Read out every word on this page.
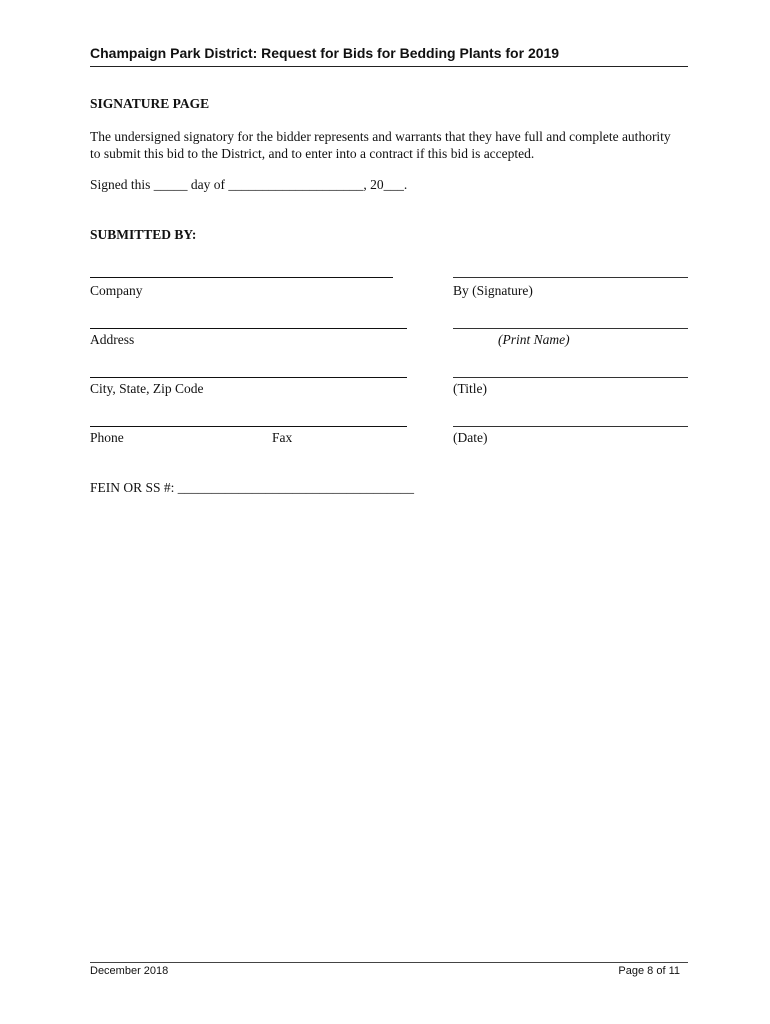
Champaign Park District: Request for Bids for Bedding Plants for 2019
SIGNATURE PAGE
The undersigned signatory for the bidder represents and warrants that they have full and complete authority
to submit this bid to the District, and to enter into a contract if this bid is accepted.
Signed this _____ day of ____________________, 20___.
SUBMITTED BY:
Company
Address
City, State, Zip Code
Phone	Fax
By (Signature)
(Print Name)
(Title)
(Date)
FEIN OR SS #: ___________________________________
December 2018	Page 8 of 11
